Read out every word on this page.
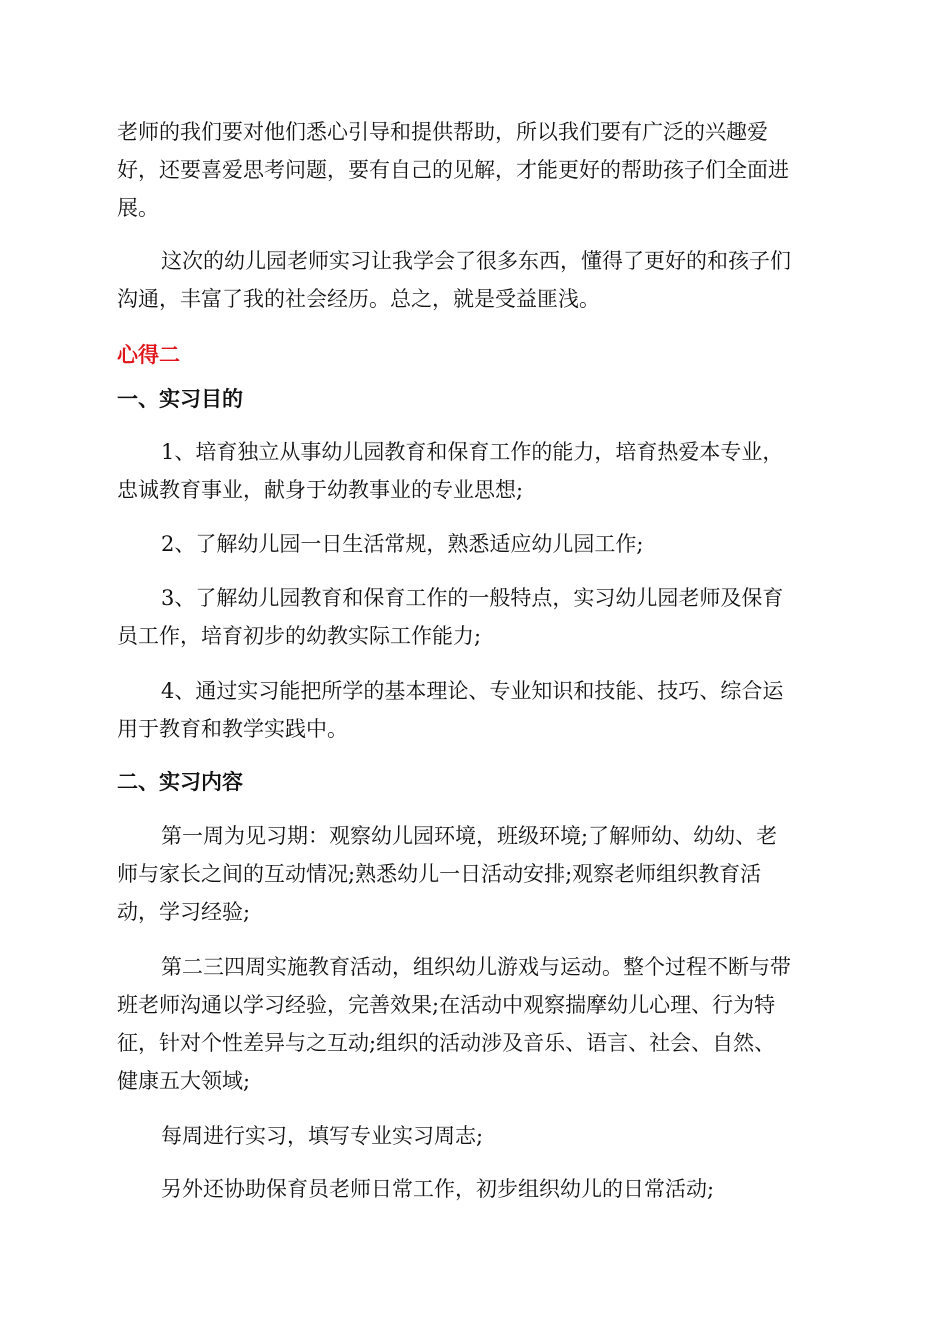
老师的我们要对他们悉心引导和提供帮助，所以我们要有广泛的兴趣爱
好，还要喜爱思考问题，要有自己的见解，才能更好的帮助孩子们全面进
展。

这次的幼儿园老师实习让我学会了很多东西，懂得了更好的和孩子们
沟通，丰富了我的社会经历。总之，就是受益匪浅。

心得二
一、实习目的

1、培育独立从事幼儿园教育和保育工作的能力，培育热爱本专业，
忠诚教育事业，献身于幼教事业的专业思想;

2、了解幼儿园一日生活常规，熟悉适应幼儿园工作;

3、了解幼儿园教育和保育工作的一般特点，实习幼儿园老师及保育
员工作，培育初步的幼教实际工作能力;

4、通过实习能把所学的基本理论、专业知识和技能、技巧、综合运
用于教育和教学实践中。

二、实习内容

第一周为见习期：观察幼儿园环境，班级环境;了解师幼、幼幼、老
师与家长之间的互动情况;熟悉幼儿一日活动安排;观察老师组织教育活
动，学习经验;

第二三四周实施教育活动，组织幼儿游戏与运动。整个过程不断与带
班老师沟通以学习经验，完善效果;在活动中观察揣摩幼儿心理、行为特
征，针对个性差异与之互动;组织的活动涉及音乐、语言、社会、自然、
健康五大领域;

每周进行实习，填写专业实习周志;

另外还协助保育员老师日常工作，初步组织幼儿的日常活动;
